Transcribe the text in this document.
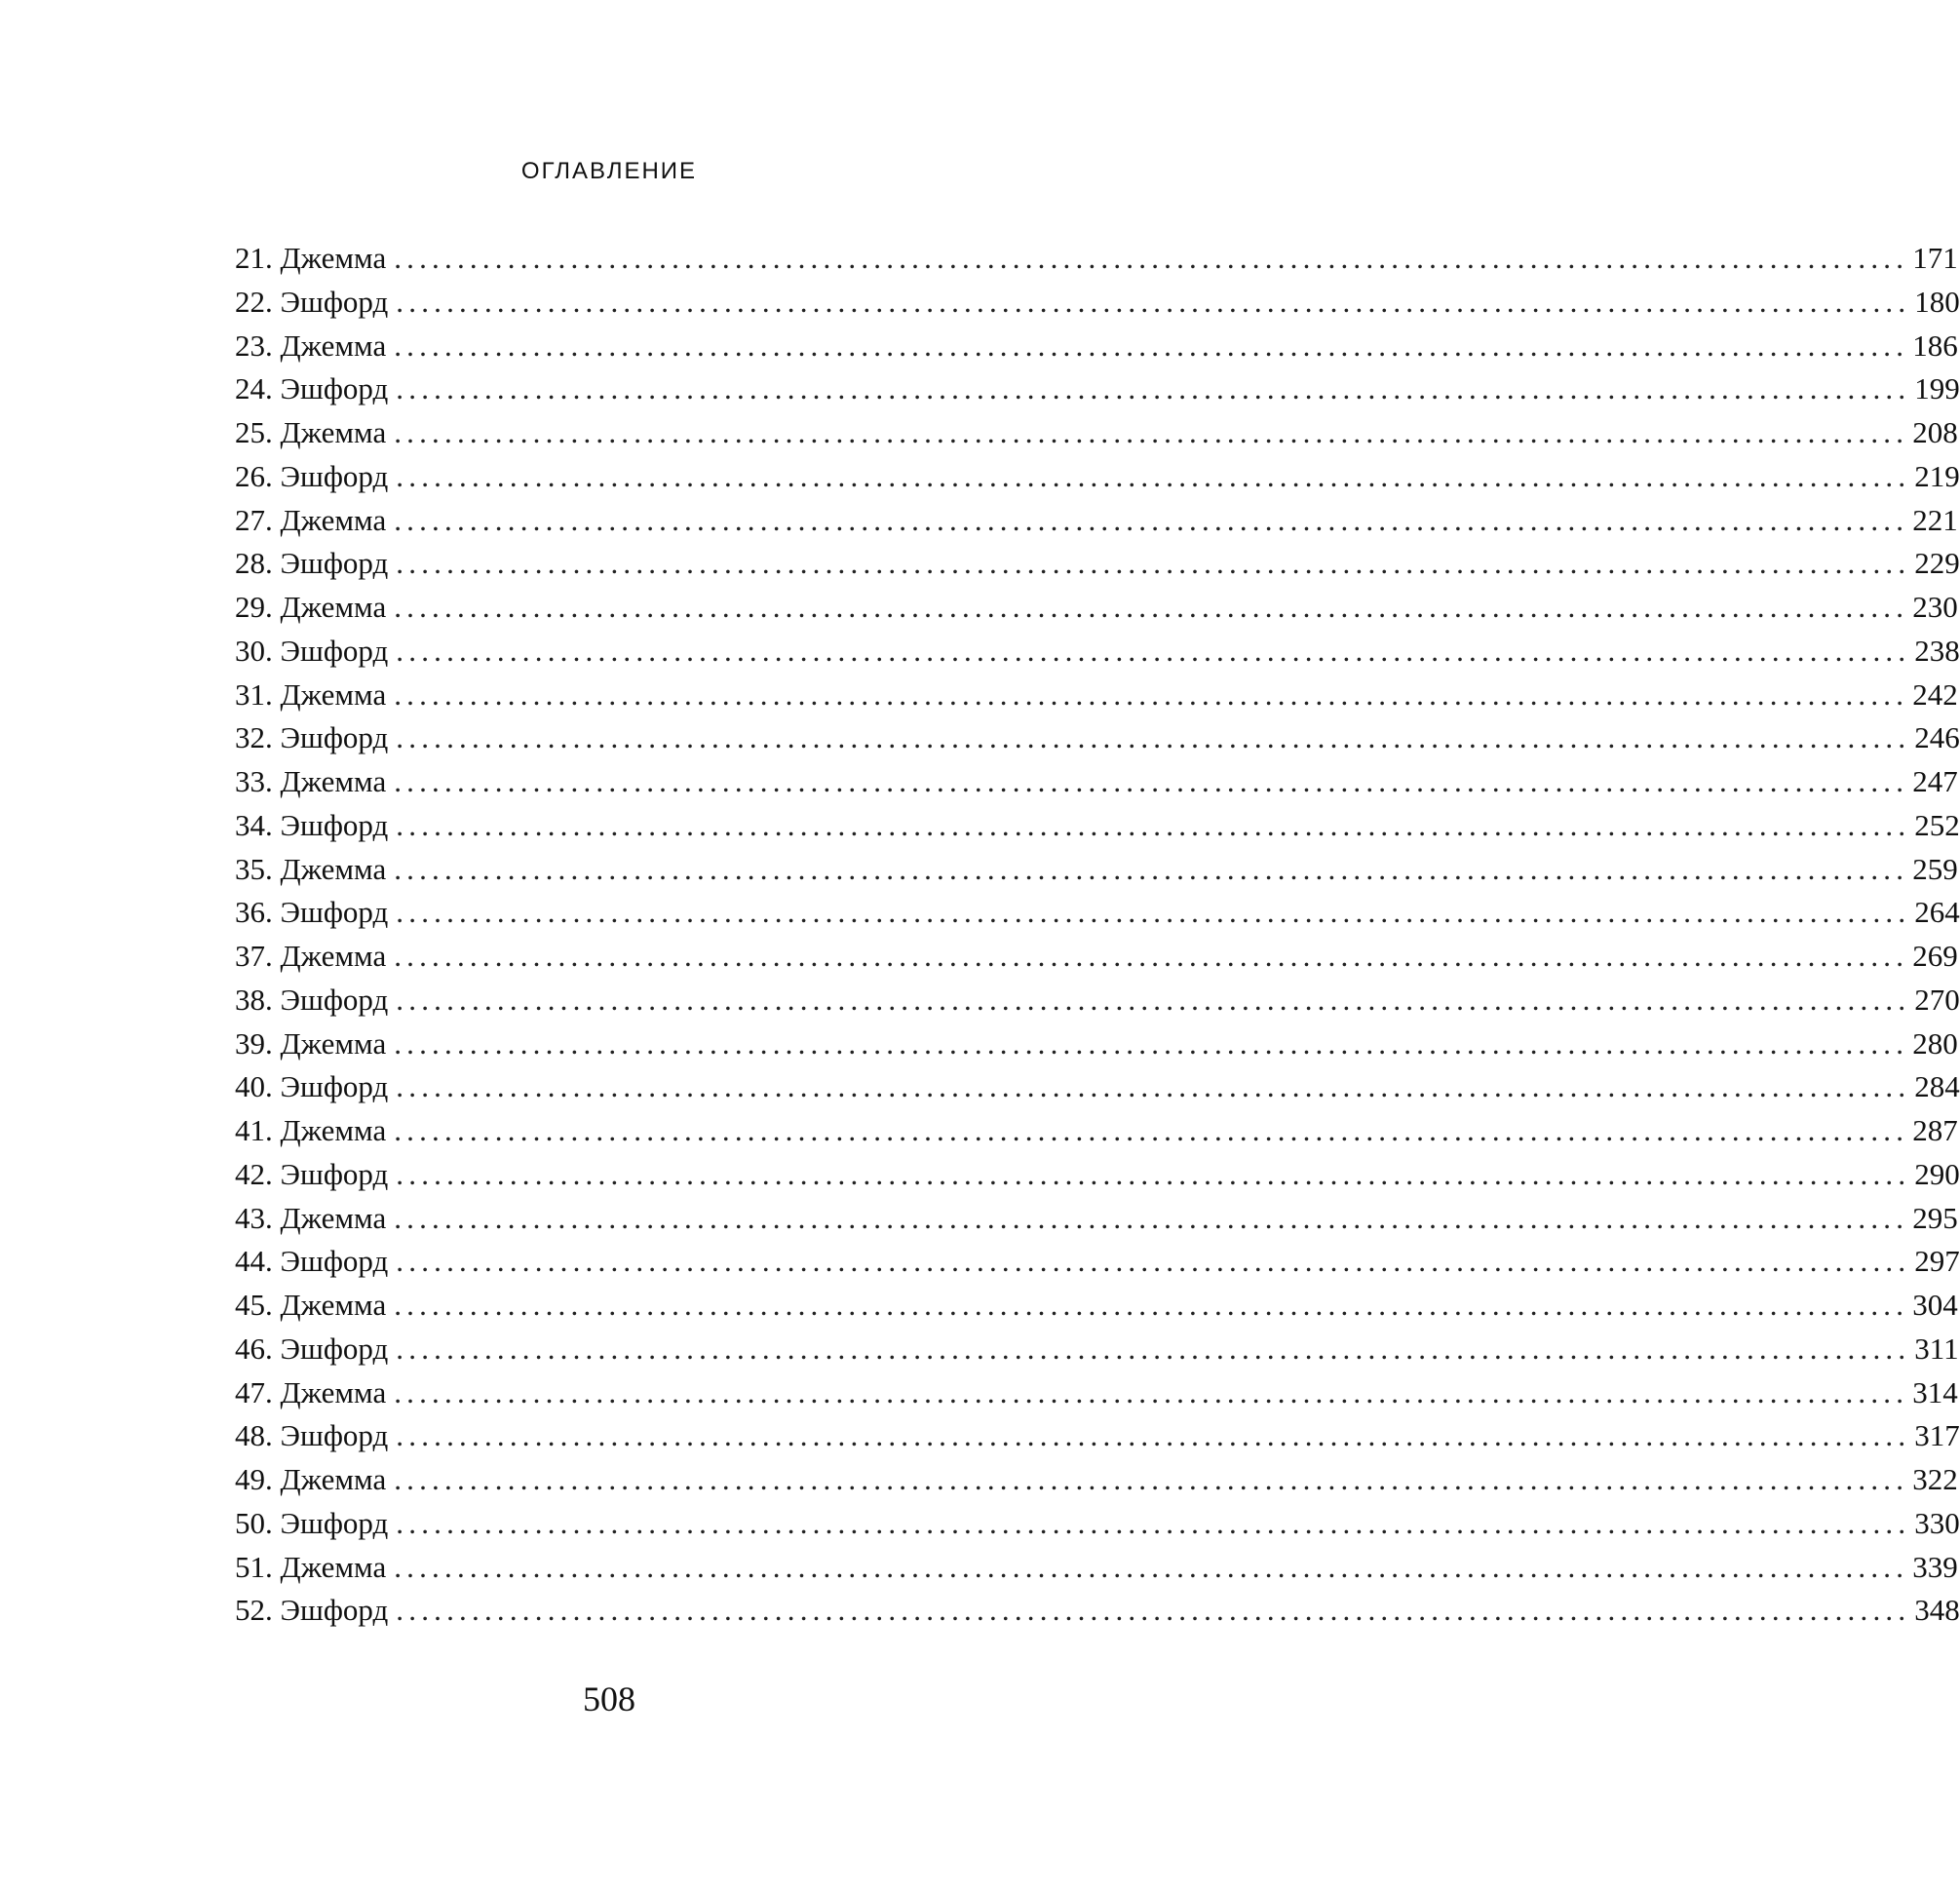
ОГЛАВЛЕНИЕ
21. Джемма ........................................................................................................................ 171
22. Эшфорд ........................................................................................................................ 180
23. Джемма ........................................................................................................................ 186
24. Эшфорд ........................................................................................................................ 199
25. Джемма ........................................................................................................................ 208
26. Эшфорд ........................................................................................................................ 219
27. Джемма ........................................................................................................................ 221
28. Эшфорд ........................................................................................................................ 229
29. Джемма ........................................................................................................................ 230
30. Эшфорд ........................................................................................................................ 238
31. Джемма ........................................................................................................................ 242
32. Эшфорд ........................................................................................................................ 246
33. Джемма ........................................................................................................................ 247
34. Эшфорд ........................................................................................................................ 252
35. Джемма ........................................................................................................................ 259
36. Эшфорд ........................................................................................................................ 264
37. Джемма ........................................................................................................................ 269
38. Эшфорд ........................................................................................................................ 270
39. Джемма ........................................................................................................................ 280
40. Эшфорд ........................................................................................................................ 284
41. Джемма ........................................................................................................................ 287
42. Эшфорд ........................................................................................................................ 290
43. Джемма ........................................................................................................................ 295
44. Эшфорд ........................................................................................................................ 297
45. Джемма ........................................................................................................................ 304
46. Эшфорд ........................................................................................................................ 311
47. Джемма ........................................................................................................................ 314
48. Эшфорд ........................................................................................................................ 317
49. Джемма ........................................................................................................................ 322
50. Эшфорд ........................................................................................................................ 330
51. Джемма ........................................................................................................................ 339
52. Эшфорд ........................................................................................................................ 348
508
